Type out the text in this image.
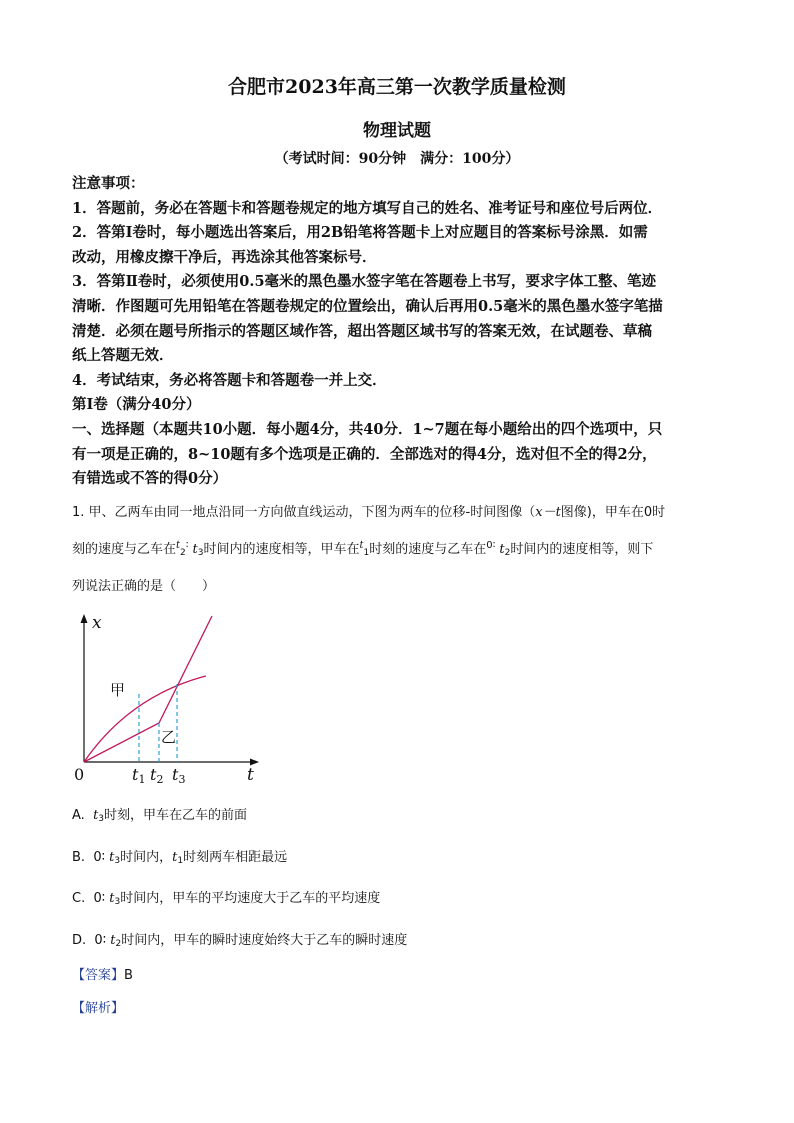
合肥市2023年高三第一次教学质量检测
物理试题
（考试时间：90分钟　满分：100分）

注意事项：

1．答题前，务必在答题卡和答题卷规定的地方填写自己的姓名、准考证号和座位号后两位．

2．答第Ⅰ卷时，每小题选出答案后，用2B铅笔将答题卡上对应题目的答案标号涂黑．如需

改动，用橡皮擦干净后，再选涂其他答案标号．

3．答第Ⅱ卷时，必须使用0.5毫米的黑色墨水签字笔在答题卷上书写，要求字体工整、笔迹

清晰．作图题可先用铅笔在答题卷规定的位置绘出，确认后再用0.5毫米的黑色墨水签字笔描

清楚．必须在题号所指示的答题区域作答，超出答题区域书写的答案无效，在试题卷、草稿

纸上答题无效．

4．考试结束，务必将答题卡和答题卷一并上交．

第Ⅰ卷（满分40分）

一、选择题（本题共10小题．每小题4分，共40分．1~7题在每小题给出的四个选项中，只

有一项是正确的，8~10题有多个选项是正确的．全部选对的得4分，选对但不全的得2分，

有错选或不答的得0分）

1. 甲、乙两车由同一地点沿同一方向做直线运动，下图为两车的位移-时间图像（x－t图像)，甲车在0时

刻的速度与乙车在$^t_2$∶ $t_3$时间内的速度相等，甲车在$^t_1$时刻的速度与乙车在$^{0∶}$ $t_2$时间内的速度相等，则下

列说法正确的是（　　）

x
t
0
甲
乙
t1 t2 t3
A. $t_3$时刻，甲车在乙车的前面
B. 0∶ $t_3$时间内，$t_1$时刻两车相距最远
C. 0∶ $t_3$时间内，甲车的平均速度大于乙车的平均速度
D. 0∶ $t_2$时间内，甲车的瞬时速度始终大于乙车的瞬时速度
【答案】B
【解析】
